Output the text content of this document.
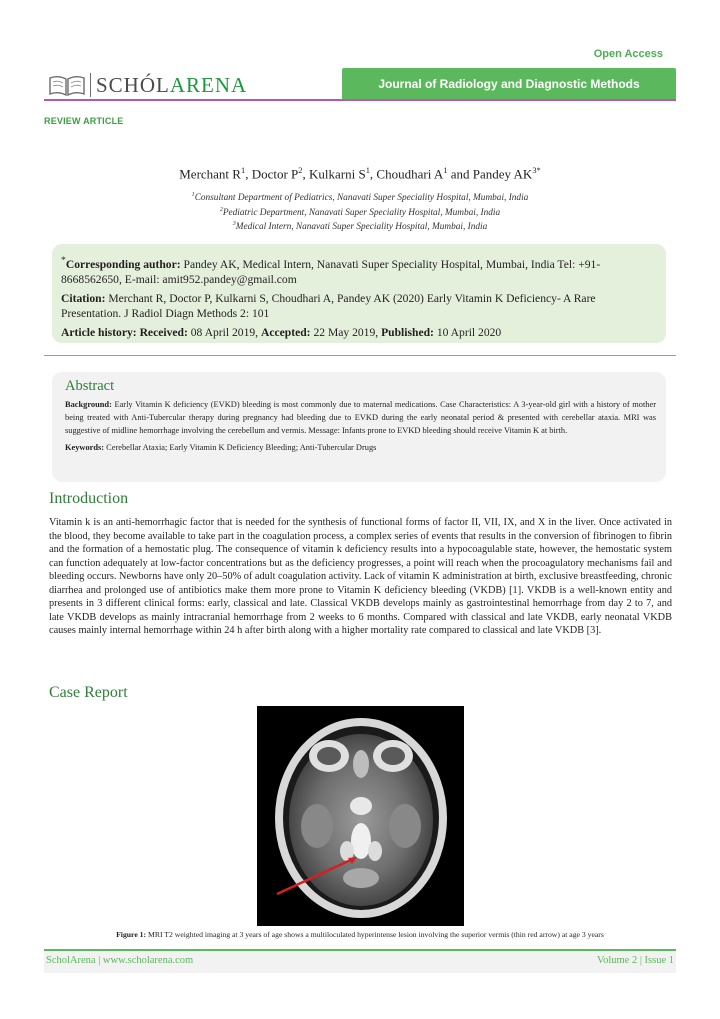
Open Access
SCHÓLARENA	Journal of Radiology and Diagnostic Methods
REVIEW ARTICLE
Merchant $R^1$, Doctor $P^2$, Kulkarni $S^1$, Choudhari $A^1$ and Pandey $AK^{3*}$
$^1$Consultant Department of Pediatrics, Nanavati Super Speciality Hospital, Mumbai, India
$^2$Pediatric Department, Nanavati Super Speciality Hospital, Mumbai, India
$^3$Medical Intern, Nanavati Super Speciality Hospital, Mumbai, India

*Corresponding author: Pandey AK, Medical Intern, Nanavati Super Speciality Hospital, Mumbai, India Tel: +91-8668562650, E-mail: amit952.pandey@gmail.com

Citation: Merchant R, Doctor P, Kulkarni S, Choudhari A, Pandey AK (2020) Early Vitamin K Deficiency- A Rare Presentation. J Radiol Diagn Methods 2: 101

Article history: Received: 08 April 2019, Accepted: 22 May 2019, Published: 10 April 2020

Abstract
Background: Early Vitamin K deficiency (EVKD) bleeding is most commonly due to maternal medications. Case Characteristics: A 3-year-old girl with a history of mother being treated with Anti-Tubercular therapy during pregnancy had bleeding due to EVKD during the early neonatal period & presented with cerebellar ataxia. MRI was suggestive of midline hemorrhage involving the cerebellum and vermis. Message: Infants prone to EVKD bleeding should receive Vitamin K at birth.
Keywords: Cerebellar Ataxia; Early Vitamin K Deficiency Bleeding; Anti-Tubercular Drugs
Introduction
Vitamin k is an anti-hemorrhagic factor that is needed for the synthesis of functional forms of factor II, VII, IX, and X in the liver. Once activated in the blood, they become available to take part in the coagulation process, a complex series of events that results in the conversion of fibrinogen to fibrin and the formation of a hemostatic plug. The consequence of vitamin k deficiency results into a hypocoagulable state, however, the hemostatic system can function adequately at low-factor concentrations but as the deficiency progresses, a point will reach when the procoagulatory mechanisms fail and bleeding occurs. Newborns have only 20–50% of adult coagulation activity. Lack of vitamin K administration at birth, exclusive breastfeeding, chronic diarrhea and prolonged use of antibiotics make them more prone to Vitamin K deficiency bleeding (VKDB) [1]. VKDB is a well-known entity and presents in 3 different clinical forms: early, classical and late. Classical VKDB develops mainly as gastrointestinal hemorrhage from day 2 to 7, and late VKDB develops as mainly intracranial hemorrhage from 2 weeks to 6 months. Compared with classical and late VKDB, early neonatal VKDB causes mainly internal hemorrhage within 24 h after birth along with a higher mortality rate compared to classical and late VKDB [3].
Case Report
Figure 1: MRI T2 weighted imaging at 3 years of age shows a multiloculated hyperintense lesion involving the superior vermis (thin red arrow) at age 3 years
ScholArena | www.scholarena.com	Volume 2 | Issue 1
